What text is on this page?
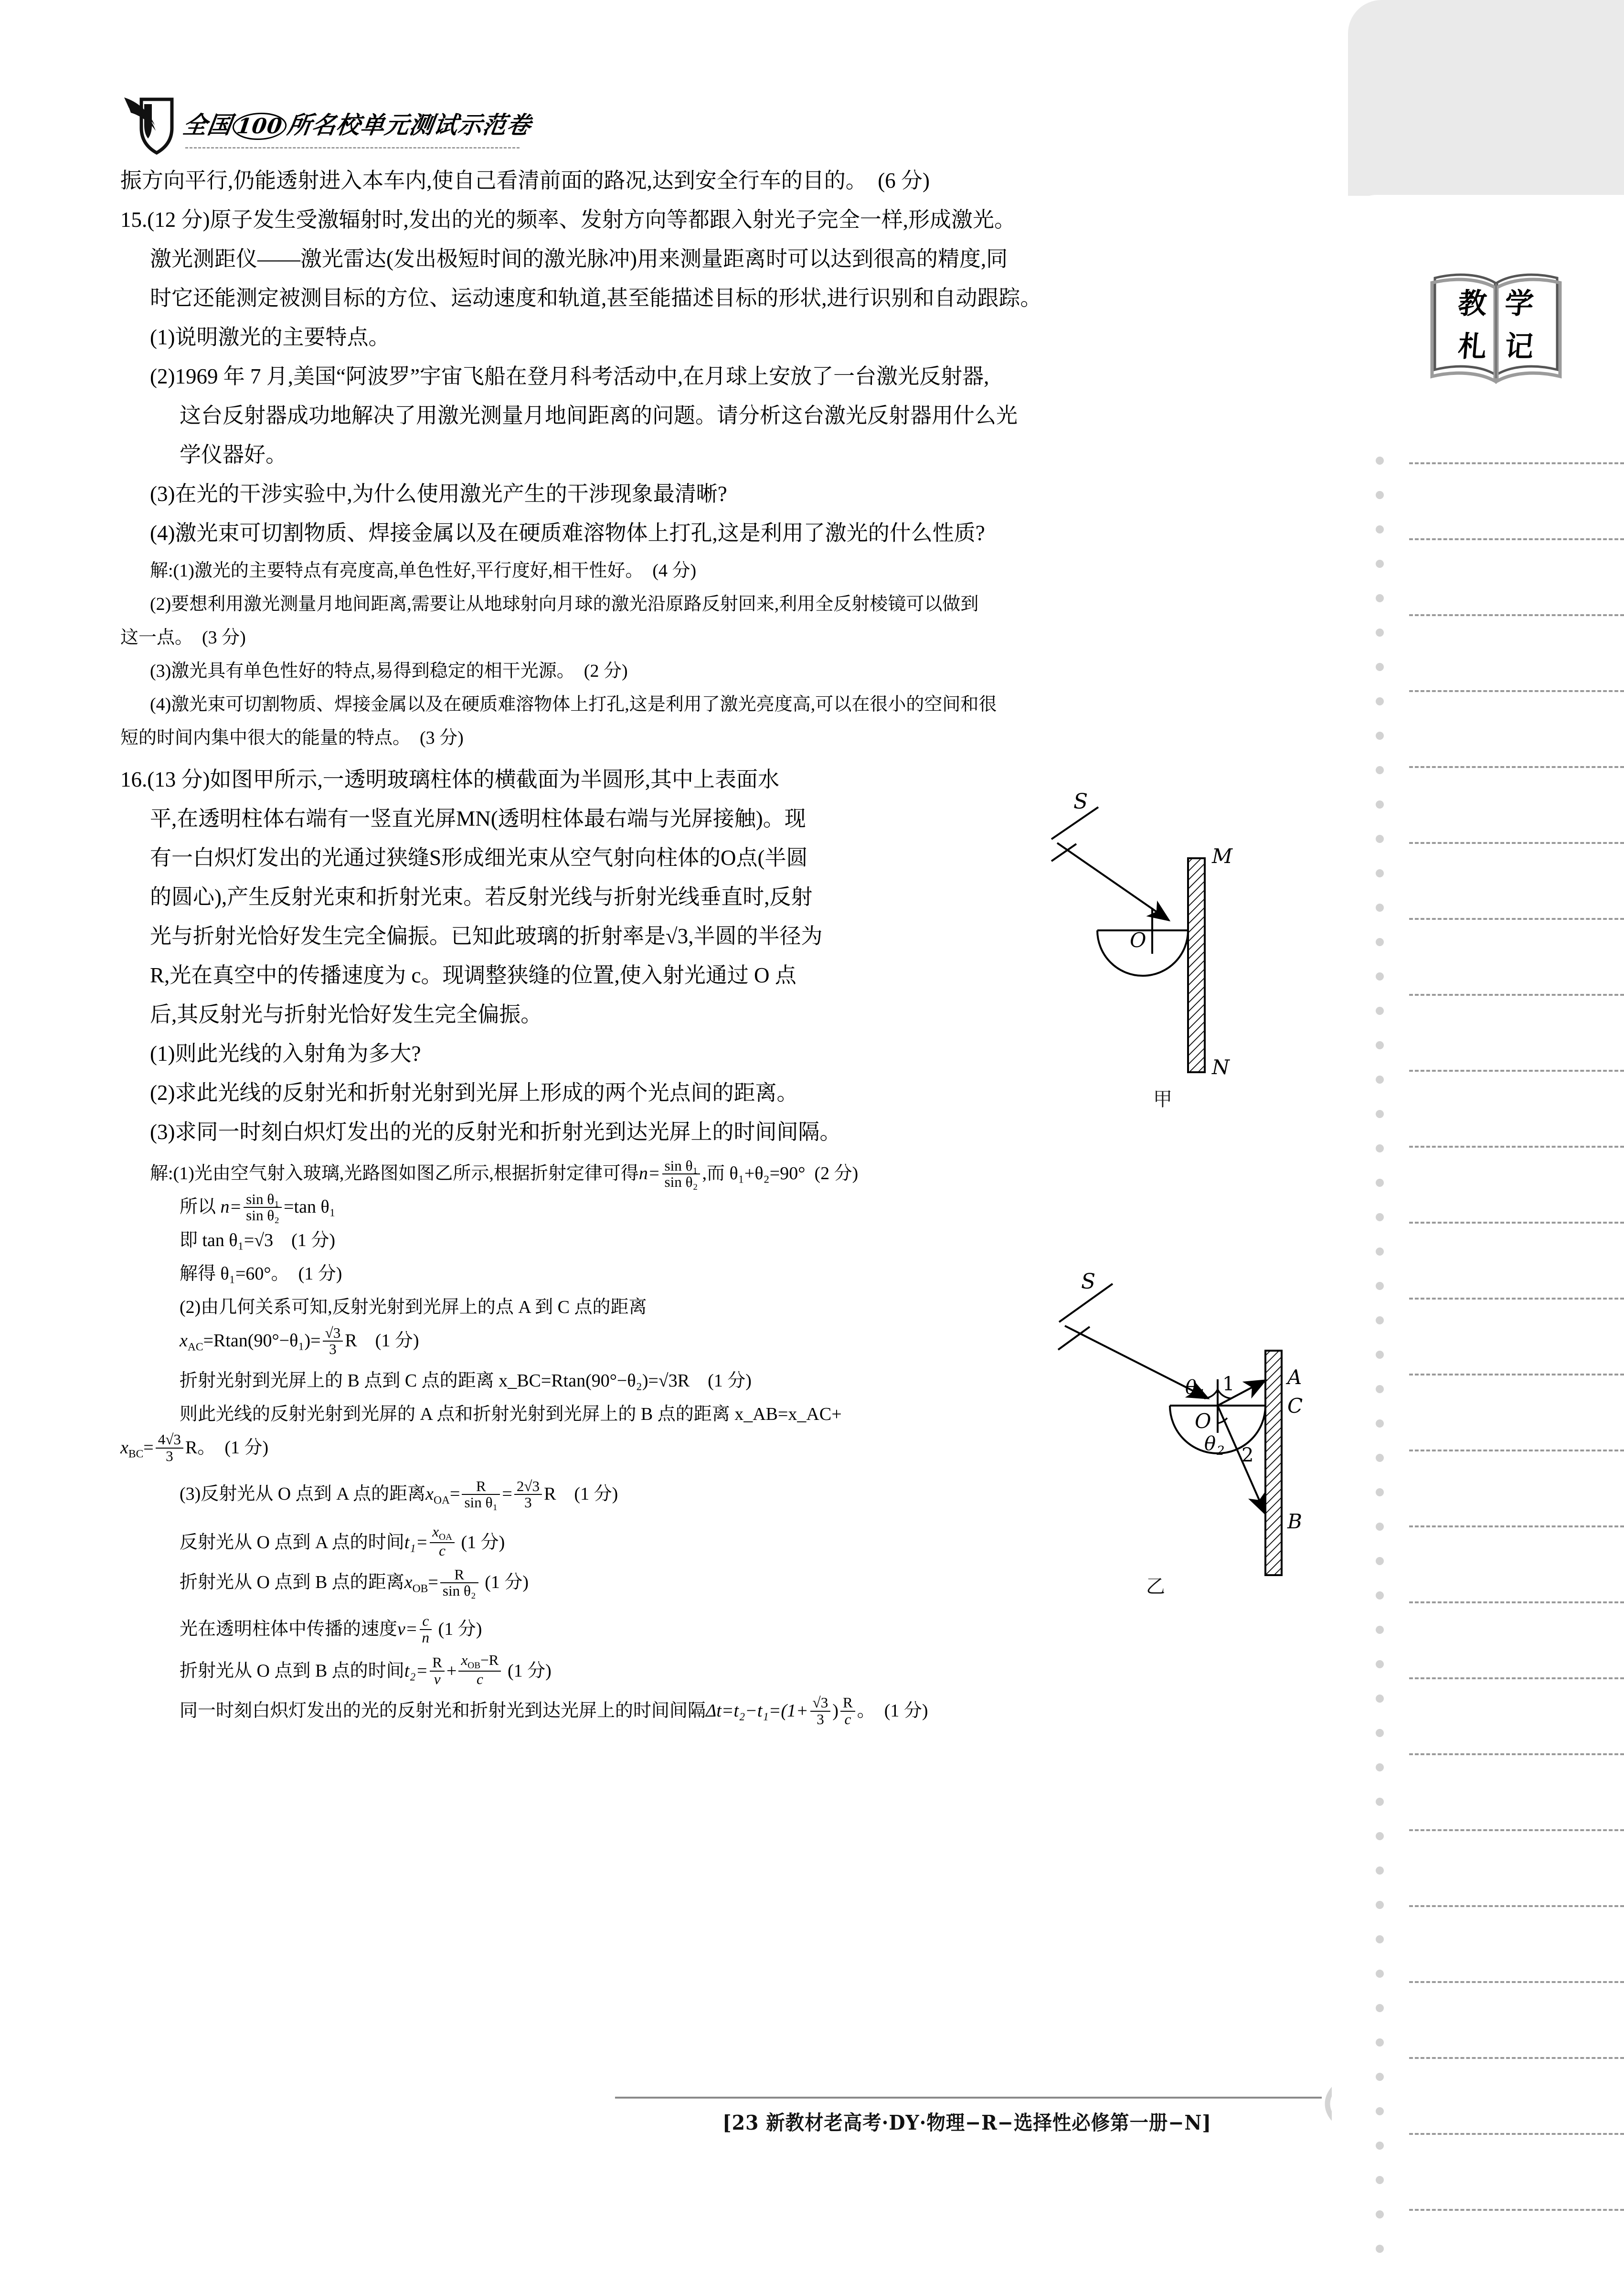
全国100所名校单元测试示范卷
振方向平行,仍能透射进入本车内,使自己看清前面的路况,达到安全行车的目的。　(6 分)
15.(12 分)原子发生受激辐射时,发出的光的频率、发射方向等都跟入射光子完全一样,形成激光。
激光测距仪——激光雷达(发出极短时间的激光脉冲)用来测量距离时可以达到很高的精度,同
时它还能测定被测目标的方位、运动速度和轨道,甚至能描述目标的形状,进行识别和自动跟踪。
(1)说明激光的主要特点。
(2)1969 年 7 月,美国“阿波罗”宇宙飞船在登月科考活动中,在月球上安放了一台激光反射器,
这台反射器成功地解决了用激光测量月地间距离的问题。请分析这台激光反射器用什么光
学仪器好。
(3)在光的干涉实验中,为什么使用激光产生的干涉现象最清晰?
(4)激光束可切割物质、焊接金属以及在硬质难溶物体上打孔,这是利用了激光的什么性质?
解:(1)激光的主要特点有亮度高,单色性好,平行度好,相干性好。　(4 分)
(2)要想利用激光测量月地间距离,需要让从地球射向月球的激光沿原路反射回来,利用全反射棱镜可以做到
这一点。　(3 分)
(3)激光具有单色性好的特点,易得到稳定的相干光源。　(2 分)
(4)激光束可切割物质、焊接金属以及在硬质难溶物体上打孔,这是利用了激光亮度高,可以在很小的空间和很
短的时间内集中很大的能量的特点。　(3 分)
16.(13 分)如图甲所示,一透明玻璃柱体的横截面为半圆形,其中上表面水
平,在透明柱体右端有一竖直光屏MN(透明柱体最右端与光屏接触)。现
有一白炽灯发出的光通过狭缝S形成细光束从空气射向柱体的O点(半圆
的圆心),产生反射光束和折射光束。若反射光线与折射光线垂直时,反射
光与折射光恰好发生完全偏振。已知此玻璃的折射率是√3,半圆的半径为
R,光在真空中的传播速度为 c。现调整狭缝的位置,使入射光通过 O 点
后,其反射光与折射光恰好发生完全偏振。
(1)则此光线的入射角为多大?
(2)求此光线的反射光和折射光射到光屏上形成的两个光点间的距离。
(3)求同一时刻白炽灯发出的光的反射光和折射光到达光屏上的时间间隔。
解:(1)光由空气射入玻璃,光路图如图乙所示,根据折射定律可得$n= \frac{\text{sin θ₁}}{\text{sin θ₂}}$ ,而 θ₁+θ₂=90° (2 分)
所以 $n= \frac{\text{sin θ₁}}{\text{sin θ₂}} =\tan$ θ₁
即 tan θ₁=√3　(1 分)
解得 θ₁=60°。　(1 分)
(2)由几何关系可知,反射光射到光屏上的点 A 到 C 点的距离
$x_{AC}=Rtan(90^\circ-\theta_1)= \frac{√3}{3}$ R　(1 分)
折射光射到光屏上的 B 点到 C 点的距离 x_BC=Rtan(90°−θ₂)=√3R　(1 分)
则此光线的反射光射到光屏的 A 点和折射光射到光屏上的 B 点的距离 x_AB=x_AC+
$x_{BC}= \frac{4√3}{3}$ R。　(1 分)
(3)反射光从 O 点到 A 点的距离$x_{OA}= \frac{R}{\text{sin θ₁}} = \frac{2√3}{3}$ R　(1 分)
反射光从 O 点到 A 点的时间$t_1= \frac{x_{OA}}{c} (1$ 分)
折射光从 O 点到 B 点的距离$x_{OB}= \frac{R}{\text{sin θ₂}} (1$ 分)
光在透明柱体中传播的速度$v= \frac{c}{n} (1$ 分)
折射光从 O 点到 B 点的时间$t_2= \frac{R}{v} + \frac{x_{OB}-R}{c} (1$ 分)
同一时刻白炽灯发出的光的反射光和折射光到达光屏上的时间间隔$\Delta t=t_2-t_1=(1+ \frac{√3}{3}$ ) $\frac{R}{c}$ 。　(1 分)
S
O
M
N
甲
S
θ 1 1
O
θ 2 2
A
C
B
乙
[23 新教材老高考·DY·物理−R−选择性必修第一册−N]
教 学
札 记
